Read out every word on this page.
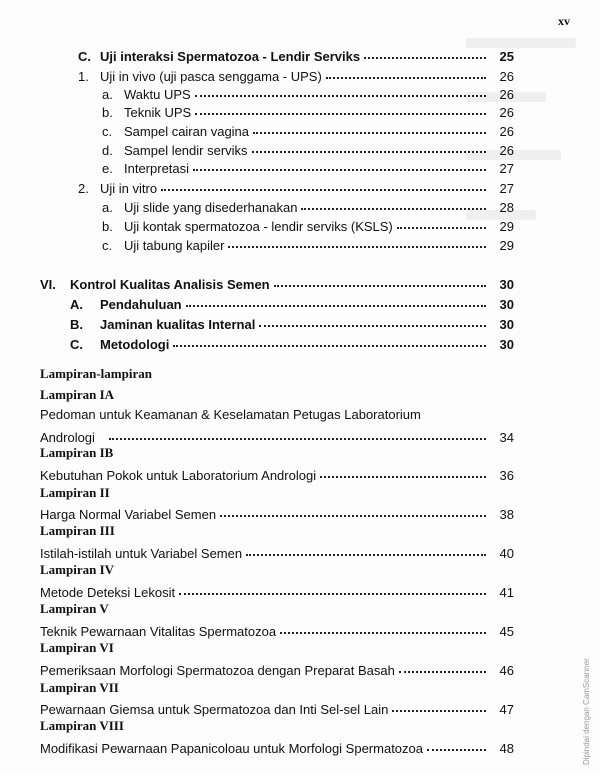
xv
C. Uji interaksi Spermatozoa - Lendir Serviks	25
1. Uji in vivo (uji pasca senggama - UPS)	26
a. Waktu UPS	26
b. Teknik UPS	26
c. Sampel cairan vagina	26
d. Sampel lendir serviks	26
e. Interpretasi	27
2. Uji in vitro	27
a. Uji slide yang disederhanakan	28
b. Uji kontak spermatozoa - lendir serviks (KSLS)	29
c. Uji tabung kapiler	29
VI.	Kontrol Kualitas Analisis Semen	30
A.	Pendahuluan	30
B.	Jaminan kualitas Internal	30
C.	Metodologi	30
Lampiran-lampiran
Lampiran IA
Pedoman untuk Keamanan & Keselamatan Petugas Laboratorium
Andrologi	34
Lampiran IB
Kebutuhan Pokok untuk Laboratorium Andrologi	36
Lampiran II
Harga Normal Variabel Semen	38
Lampiran III
Istilah-istilah untuk Variabel Semen	40
Lampiran IV
Metode Deteksi Lekosit	41
Lampiran V
Teknik Pewarnaan Vitalitas Spermatozoa	45
Lampiran VI
Pemeriksaan Morfologi Spermatozoa dengan Preparat Basah	46
Lampiran VII
Pewarnaan Giemsa untuk Spermatozoa dan Inti Sel-sel Lain	47
Lampiran VIII
Modifikasi Pewarnaan Papanicoloau untuk Morfologi Spermatozoa	48	Dipindai dengan CamScanner
